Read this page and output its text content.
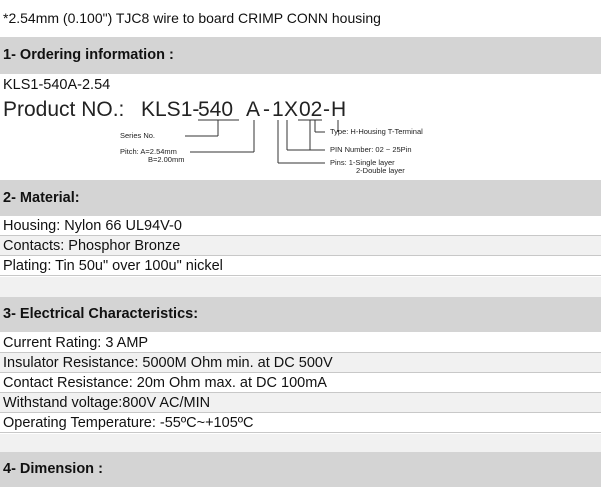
*2.54mm (0.100") TJC8 wire to board CRIMP CONN housing
1- Ordering information :
KLS1-540A-2.54
Product NO.: KLS1-
540 A - 1 X 02 - H
Series No.
Pitch: A=2.54mm
B=2.00mm
Type: H-Housing T-Terminal
PIN Number: 02 ~ 25Pin
Pins: 1-Single layer
2-Double layer
2- Material:
Housing: Nylon 66 UL94V-0
Contacts: Phosphor Bronze
Plating: Tin 50u" over 100u" nickel
3- Electrical Characteristics:
Current Rating: 3 AMP
Insulator Resistance: 5000M Ohm min. at DC 500V
Contact Resistance: 20m Ohm max. at DC 100mA
Withstand voltage:800V AC/MIN
Operating Temperature: -55ºC~+105ºC
4- Dimension :
